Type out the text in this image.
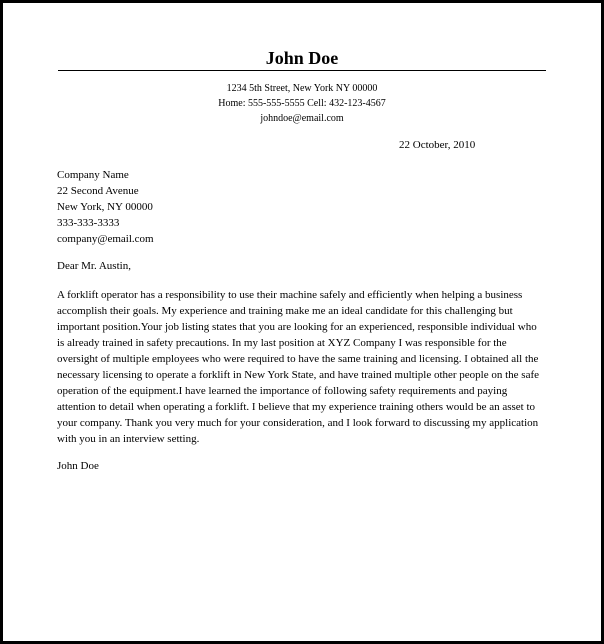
John Doe
1234 5th Street, New York NY 00000
Home: 555-555-5555 Cell: 432-123-4567
johndoe@email.com
22 October, 2010
Company Name
22 Second Avenue
New York, NY 00000
333-333-3333
company@email.com
Dear Mr. Austin,

A forklift operator has a responsibility to use their machine safely and efficiently when helping a business
accomplish their goals. My experience and training make me an ideal candidate for this challenging but
important position.Your job listing states that you are looking for an experienced, responsible individual who
is already trained in safety precautions. In my last position at XYZ Company I was responsible for the
oversight of multiple employees who were required to have the same training and licensing. I obtained all the
necessary licensing to operate a forklift in New York State, and have trained multiple other people on the safe
operation of the equipment.I have learned the importance of following safety requirements and paying
attention to detail when operating a forklift. I believe that my experience training others would be an asset to
your company. Thank you very much for your consideration, and I look forward to discussing my application
with you in an interview setting.

John Doe
